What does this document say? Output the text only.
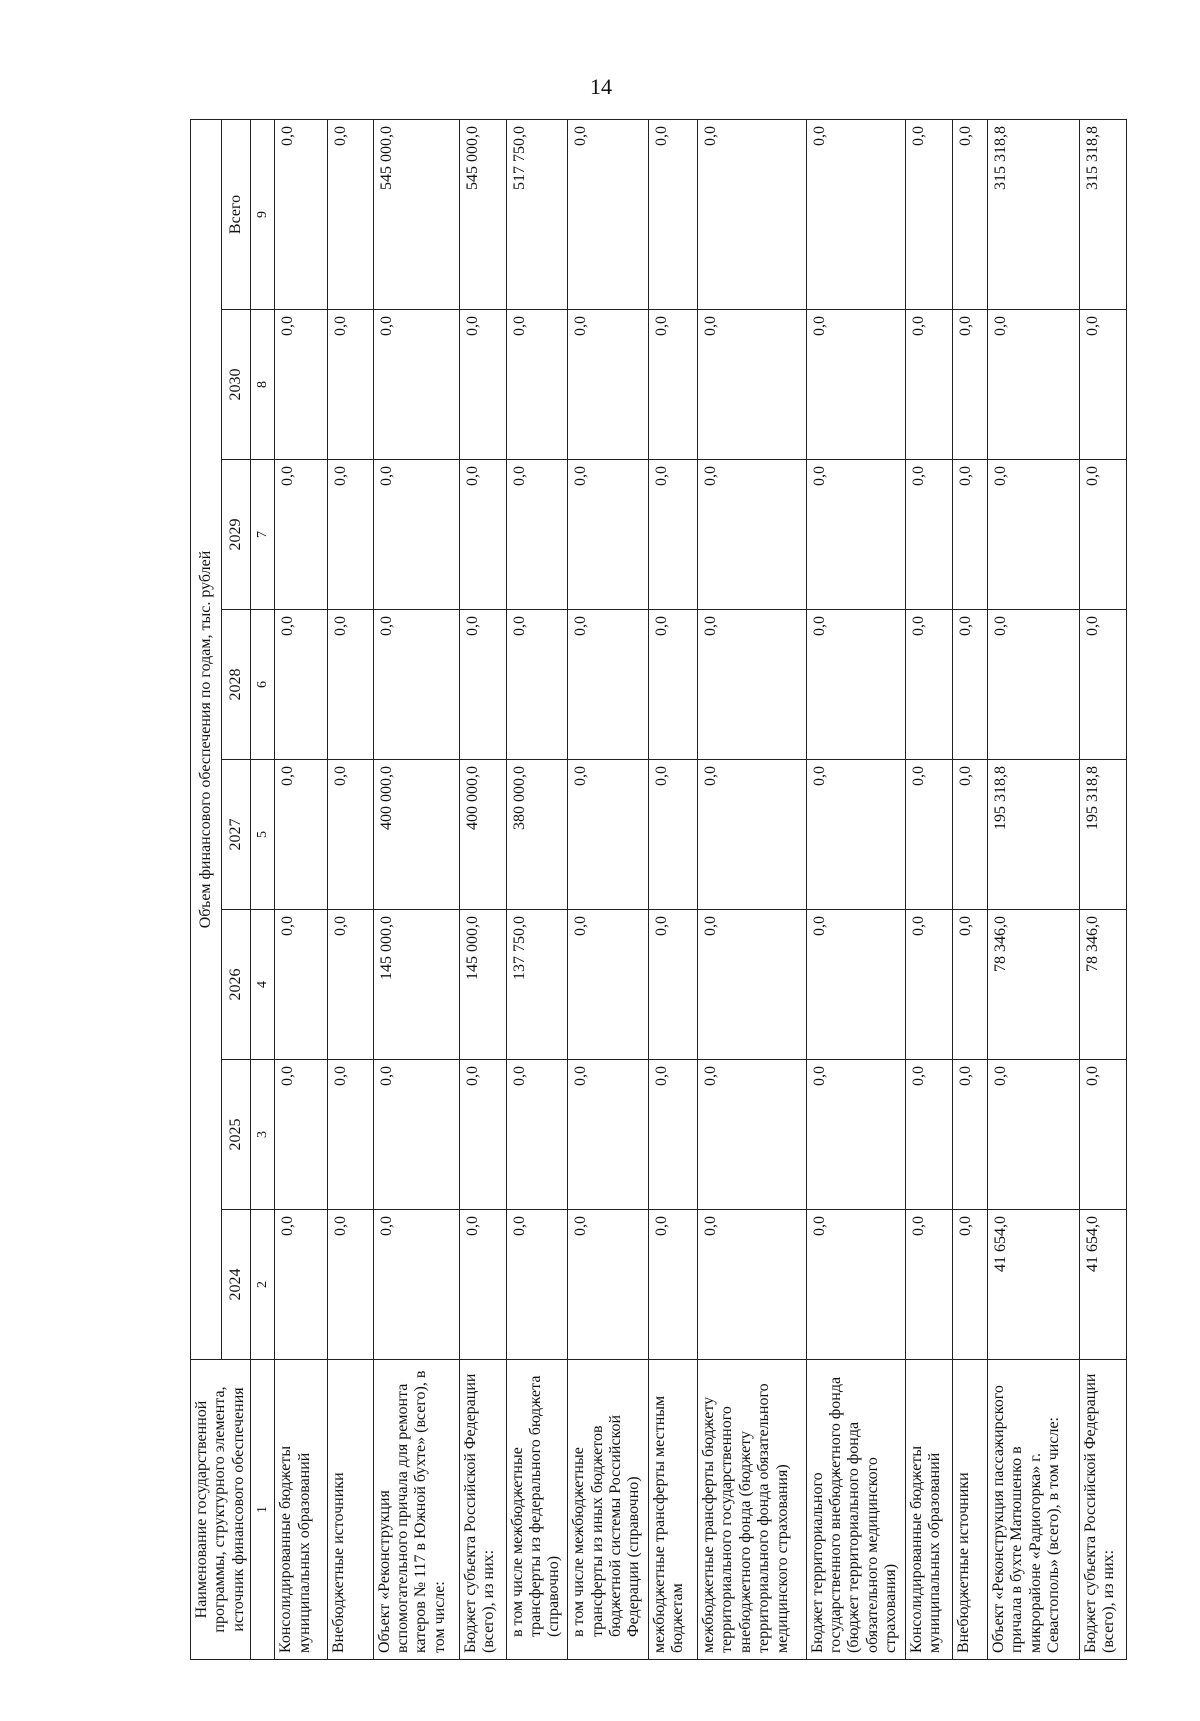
14
Наименование государственной программы, структурного элемента, источник финансового обеспечения	Объем финансового обеспечения по годам, тыс. рублей							
	2024	2025	2026	2027	2028	2029	2030	Всего
1	2	3	4	5	6	7	8	9
Консолидированные бюджеты муниципальных образований	0,0	0,0	0,0	0,0	0,0	0,0	0,0	0,0
Внебюджетные источники	0,0	0,0	0,0	0,0	0,0	0,0	0,0	0,0
Объект «Реконструкция вспомогательного причала для ремонта катеров № 117 в Южной бухте» (всего), в том числе:	0,0	0,0	145 000,0	400 000,0	0,0	0,0	0,0	545 000,0
Бюджет субъекта Российской Федерации (всего), из них:	0,0	0,0	145 000,0	400 000,0	0,0	0,0	0,0	545 000,0
в том числе межбюджетные трансферты из федерального бюджета (справочно)	0,0	0,0	137 750,0	380 000,0	0,0	0,0	0,0	517 750,0
в том числе межбюджетные трансферты из иных бюджетов бюджетной системы Российской Федерации (справочно)	0,0	0,0	0,0	0,0	0,0	0,0	0,0	0,0
межбюджетные трансферты местным бюджетам	0,0	0,0	0,0	0,0	0,0	0,0	0,0	0,0
межбюджетные трансферты бюджету территориального государственного внебюджетного фонда (бюджету территориального фонда обязательного медицинского страхования)	0,0	0,0	0,0	0,0	0,0	0,0	0,0	0,0
Бюджет территориального государственного внебюджетного фонда (бюджет территориального фонда обязательного медицинского страхования)	0,0	0,0	0,0	0,0	0,0	0,0	0,0	0,0
Консолидированные бюджеты муниципальных образований	0,0	0,0	0,0	0,0	0,0	0,0	0,0	0,0
Внебюджетные источники	0,0	0,0	0,0	0,0	0,0	0,0	0,0	0,0
Объект «Реконструкция пассажирского причала в бухте Матюшенко в микрорайоне «Радиогорка» г. Севастополь» (всего), в том числе:	41 654,0	0,0	78 346,0	195 318,8	0,0	0,0	0,0	315 318,8
Бюджет субъекта Российской Федерации (всего), из них:	41 654,0	0,0	78 346,0	195 318,8	0,0	0,0	0,0	315 318,8
